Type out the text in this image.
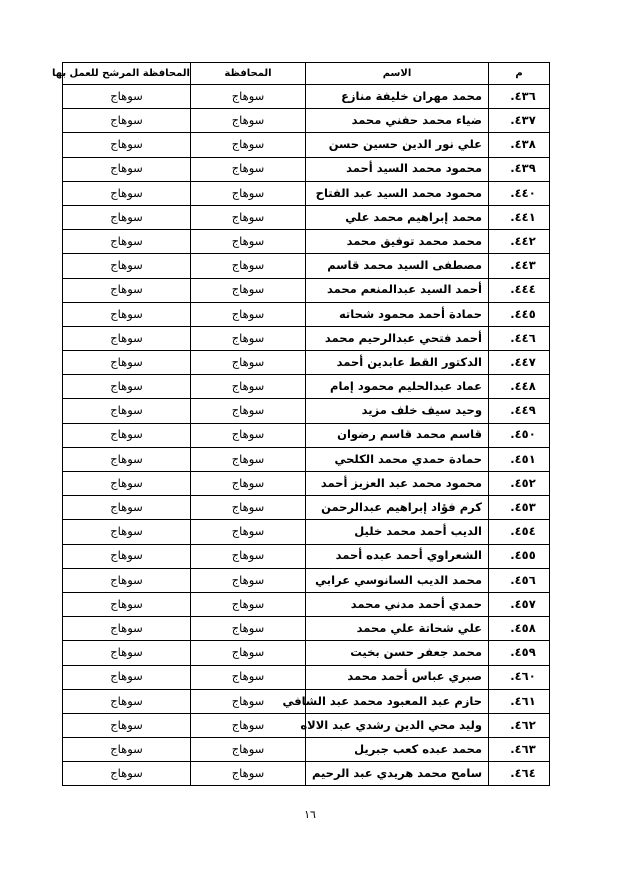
م	الاسم	المحافظة	المحافظة المرشح للعمل بها
٤٣٦.	محمد مهران خليفة منازع	سوهاج	سوهاج
٤٣٧.	ضياء محمد حفني محمد	سوهاج	سوهاج
٤٣٨.	علي نور الدين حسين حسن	سوهاج	سوهاج
٤٣٩.	محمود محمد السيد أحمد	سوهاج	سوهاج
٤٤٠.	محمود محمد السيد عبد الفتاح	سوهاج	سوهاج
٤٤١.	محمد إبراهيم محمد علي	سوهاج	سوهاج
٤٤٢.	محمد محمد توفيق محمد	سوهاج	سوهاج
٤٤٣.	مصطفى السيد محمد قاسم	سوهاج	سوهاج
٤٤٤.	أحمد السيد عبدالمنعم محمد	سوهاج	سوهاج
٤٤٥.	حمادة أحمد محمود شحاته	سوهاج	سوهاج
٤٤٦.	أحمد فتحي عبدالرحيم محمد	سوهاج	سوهاج
٤٤٧.	الدكتور القط عابدين أحمد	سوهاج	سوهاج
٤٤٨.	عماد عبدالحليم محمود إمام	سوهاج	سوهاج
٤٤٩.	وحيد سيف خلف مزيد	سوهاج	سوهاج
٤٥٠.	قاسم محمد قاسم رضوان	سوهاج	سوهاج
٤٥١.	حمادة حمدي محمد الكلحي	سوهاج	سوهاج
٤٥٢.	محمود محمد عبد العزيز أحمد	سوهاج	سوهاج
٤٥٣.	كرم فؤاد إبراهيم عبدالرحمن	سوهاج	سوهاج
٤٥٤.	الديب أحمد محمد خليل	سوهاج	سوهاج
٤٥٥.	الشعراوي أحمد عبده أحمد	سوهاج	سوهاج
٤٥٦.	محمد الديب السانوسي عرابي	سوهاج	سوهاج
٤٥٧.	حمدي أحمد مدني محمد	سوهاج	سوهاج
٤٥٨.	علي شحاتة علي محمد	سوهاج	سوهاج
٤٥٩.	محمد جعفر حسن بخيت	سوهاج	سوهاج
٤٦٠.	صبري عباس أحمد محمد	سوهاج	سوهاج
٤٦١.	حازم عبد المعبود محمد عبد الشافي	سوهاج	سوهاج
٤٦٢.	وليد محي الدين رشدي عبد الالاه	سوهاج	سوهاج
٤٦٣.	محمد عبده كعب جبريل	سوهاج	سوهاج
٤٦٤.	سامح محمد هريدي عبد الرحيم	سوهاج	سوهاج
١٦
